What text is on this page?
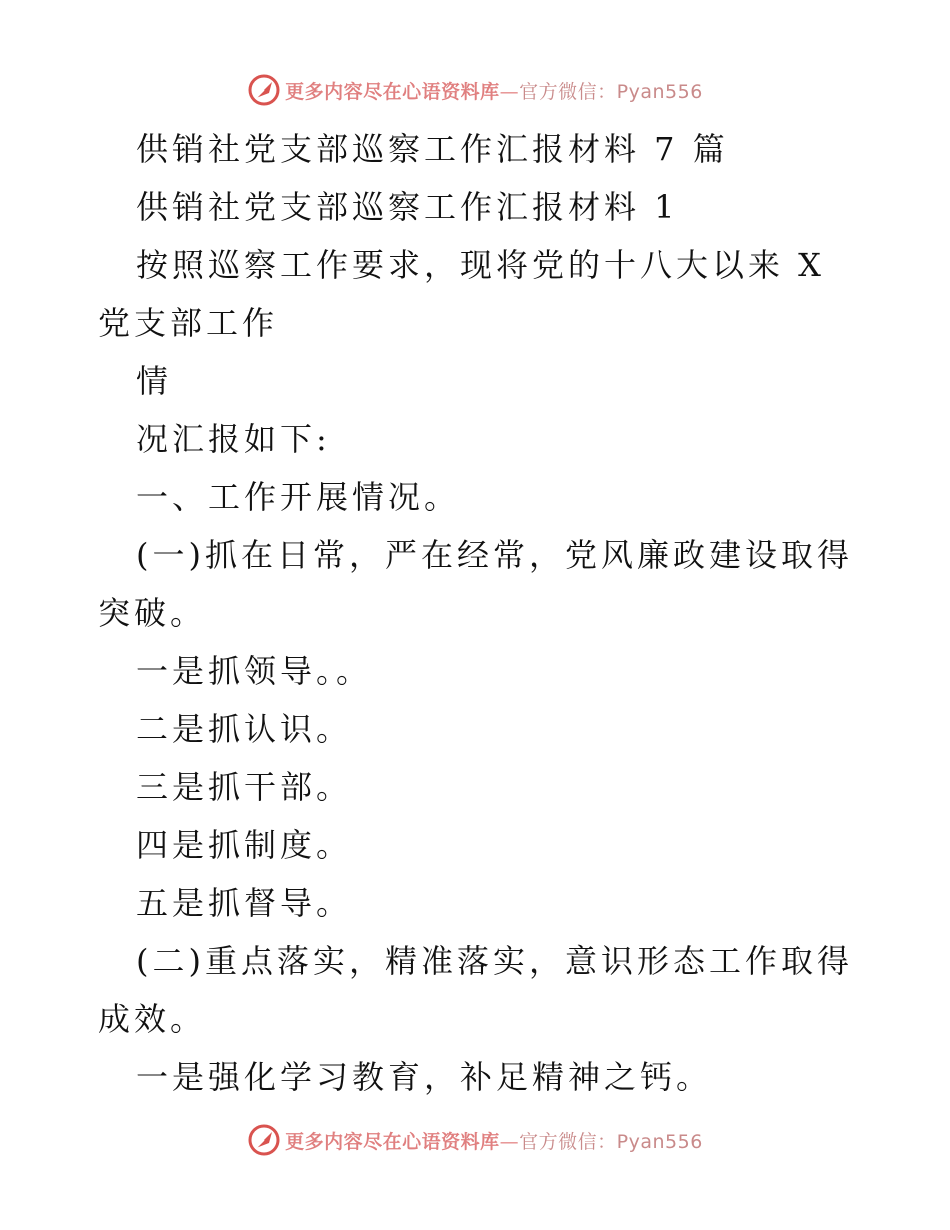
更多内容尽在心语资料库—官方微信：Pyan556

供销社党支部巡察工作汇报材料 7 篇

供销社党支部巡察工作汇报材料 1

按照巡察工作要求，现将党的十八大以来 X 党支部工作

情

况汇报如下:

一、工作开展情况。

(一)抓在日常，严在经常，党风廉政建设取得突破。

一是抓领导。。

二是抓认识。

三是抓干部。

四是抓制度。

五是抓督导。

(二)重点落实，精准落实，意识形态工作取得成效。

一是强化学习教育，补足精神之钙。

更多内容尽在心语资料库—官方微信：Pyan556
